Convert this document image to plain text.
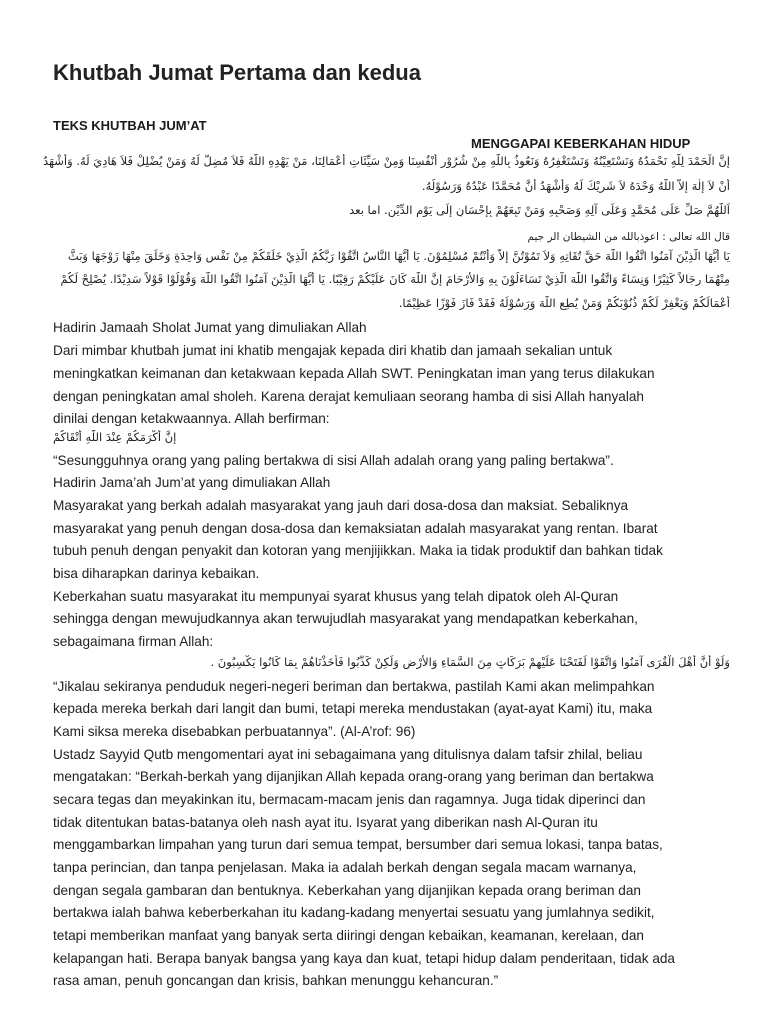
Khutbah Jumat Pertama dan kedua
TEKS KHUTBAH JUM’AT
MENGGAPAI KEBERKAHAN HIDUP
إِنَّ الْحَمْدَ لِلّٰهِ نَحْمَدُهُ وَنَسْتَعِيْنُهُ وَنَسْتَغْفِرُهُ وَنَعُوذُ بِاللّٰهِ مِنْ شُرُوْرِ أَنْفُسِنَا وَمِنْ سَيِّئَاتِ أَعْمَالِنَا، مَنْ يَهْدِهِ اللّٰهُ فَلاَ مُضِلَّ لَهُ وَمَنْ يُضْلِلْ فَلاَ هَادِيَ لَهُ. وَأَشْهَدُ
أَنْ لاَ إِلٰهَ إِلاَّ اللّٰهُ وَحْدَهُ لاَ شَرِيْكَ لَهُ وَأَشْهَدُ أَنَّ مُحَمَّدًا عَبْدُهُ وَرَسُوْلُهُ.
اَللّٰهُمَّ صَلِّ عَلَى مُحَمَّدٍ وَعَلَى آلِهِ وَصَحْبِهِ وَمَنْ تَبِعَهُمْ بِإِحْسَانٍ إِلَى يَوْمِ الدِّيْنِ. اما بعد
قال الله تعالى : اعوذبالله من الشيطان الر جيم
يَا أَيُّهَا الَّذِيْنَ آمَنُوا اتَّقُوا اللّٰهَ حَقَّ تُقَاتِهِ وَلاَ تَمُوْتُنَّ إِلاَّ وَأَنْتُمْ مُسْلِمُوْنَ. يَا أَيُّهَا النَّاسُ اتَّقُوْا رَبَّكُمُ الَّذِيْ خَلَقَكُمْ مِنْ نَفْسٍ وَاحِدَةٍ وَخَلَقَ مِنْهَا زَوْجَهَا وَبَثَّ
مِنْهُمَا رِجَالاً كَثِيْرًا وَنِسَاءً وَاتَّقُوا اللّٰهَ الَّذِيْ تَسَاءَلُوْنَ بِهِ وَالأَرْحَامَ إِنَّ اللّٰهَ كَانَ عَلَيْكُمْ رَقِيْبًا. يَا أَيُّهَا الَّذِيْنَ آمَنُوا اتَّقُوا اللّٰهَ وَقُوْلُوْا قَوْلاً سَدِيْدًا. يُصْلِحْ لَكُمْ
أَعْمَالَكُمْ وَيَغْفِرْ لَكُمْ ذُنُوْبَكُمْ وَمَنْ يُطِعِ اللّٰهَ وَرَسُوْلَهُ فَقَدْ فَازَ فَوْزًا عَظِيْمًا.
Hadirin Jamaah Sholat Jumat yang dimuliakan Allah
Dari mimbar khutbah jumat ini khatib mengajak kepada diri khatib dan jamaah sekalian untuk
meningkatkan keimanan dan ketakwaan kepada Allah SWT. Peningkatan iman yang terus dilakukan
dengan peningkatan amal sholeh. Karena derajat kemuliaan seorang hamba di sisi Allah hanyalah
dinilai dengan ketakwaannya. Allah berfirman:
إِنَّ أَكْرَمَكُمْ عِنْدَ اللّٰهِ أَتْقَاكُمْ
“Sesungguhnya orang yang paling bertakwa di sisi Allah adalah orang yang paling bertakwa”.
Hadirin Jama’ah Jum’at yang dimuliakan Allah
Masyarakat yang berkah adalah masyarakat yang jauh dari dosa-dosa dan maksiat. Sebaliknya
masyarakat yang penuh dengan dosa-dosa dan kemaksiatan adalah masyarakat yang rentan. Ibarat
tubuh penuh dengan penyakit dan kotoran yang menjijikkan. Maka ia tidak produktif dan bahkan tidak
bisa diharapkan darinya kebaikan.
Keberkahan suatu masyarakat itu mempunyai syarat khusus yang telah dipatok oleh Al-Quran
sehingga dengan mewujudkannya akan terwujudlah masyarakat yang mendapatkan keberkahan,
sebagaimana firman Allah:
وَلَوْ أَنَّ أَهْلَ الْقُرَى آمَنُوا وَاتَّقَوْا لَفَتَحْنَا عَلَيْهِمْ بَرَكَاتٍ مِنَ السَّمَاءِ وَالأَرْضِ وَلَكِنْ كَذَّبُوا فَأَخَذْنَاهُمْ بِمَا كَانُوا يَكْسِبُونَ .
“Jikalau sekiranya penduduk negeri-negeri beriman dan bertakwa, pastilah Kami akan melimpahkan
kepada mereka berkah dari langit dan bumi, tetapi mereka mendustakan (ayat-ayat Kami) itu, maka
Kami siksa mereka disebabkan perbuatannya”. (Al-A’rof: 96)
Ustadz Sayyid Qutb mengomentari ayat ini sebagaimana yang ditulisnya dalam tafsir zhilal, beliau
mengatakan: “Berkah-berkah yang dijanjikan Allah kepada orang-orang yang beriman dan bertakwa
secara tegas dan meyakinkan itu, bermacam-macam jenis dan ragamnya. Juga tidak diperinci dan
tidak ditentukan batas-batanya oleh nash ayat itu. Isyarat yang diberikan nash Al-Quran itu
menggambarkan limpahan yang turun dari semua tempat, bersumber dari semua lokasi, tanpa batas,
tanpa perincian, dan tanpa penjelasan. Maka ia adalah berkah dengan segala macam warnanya,
dengan segala gambaran dan bentuknya. Keberkahan yang dijanjikan kepada orang beriman dan
bertakwa ialah bahwa keberberkahan itu kadang-kadang menyertai sesuatu yang jumlahnya sedikit,
tetapi memberikan manfaat yang banyak serta diiringi dengan kebaikan, keamanan, kerelaan, dan
kelapangan hati. Berapa banyak bangsa yang kaya dan kuat, tetapi hidup dalam penderitaan, tidak ada
rasa aman, penuh goncangan dan krisis, bahkan menunggu kehancuran.”
